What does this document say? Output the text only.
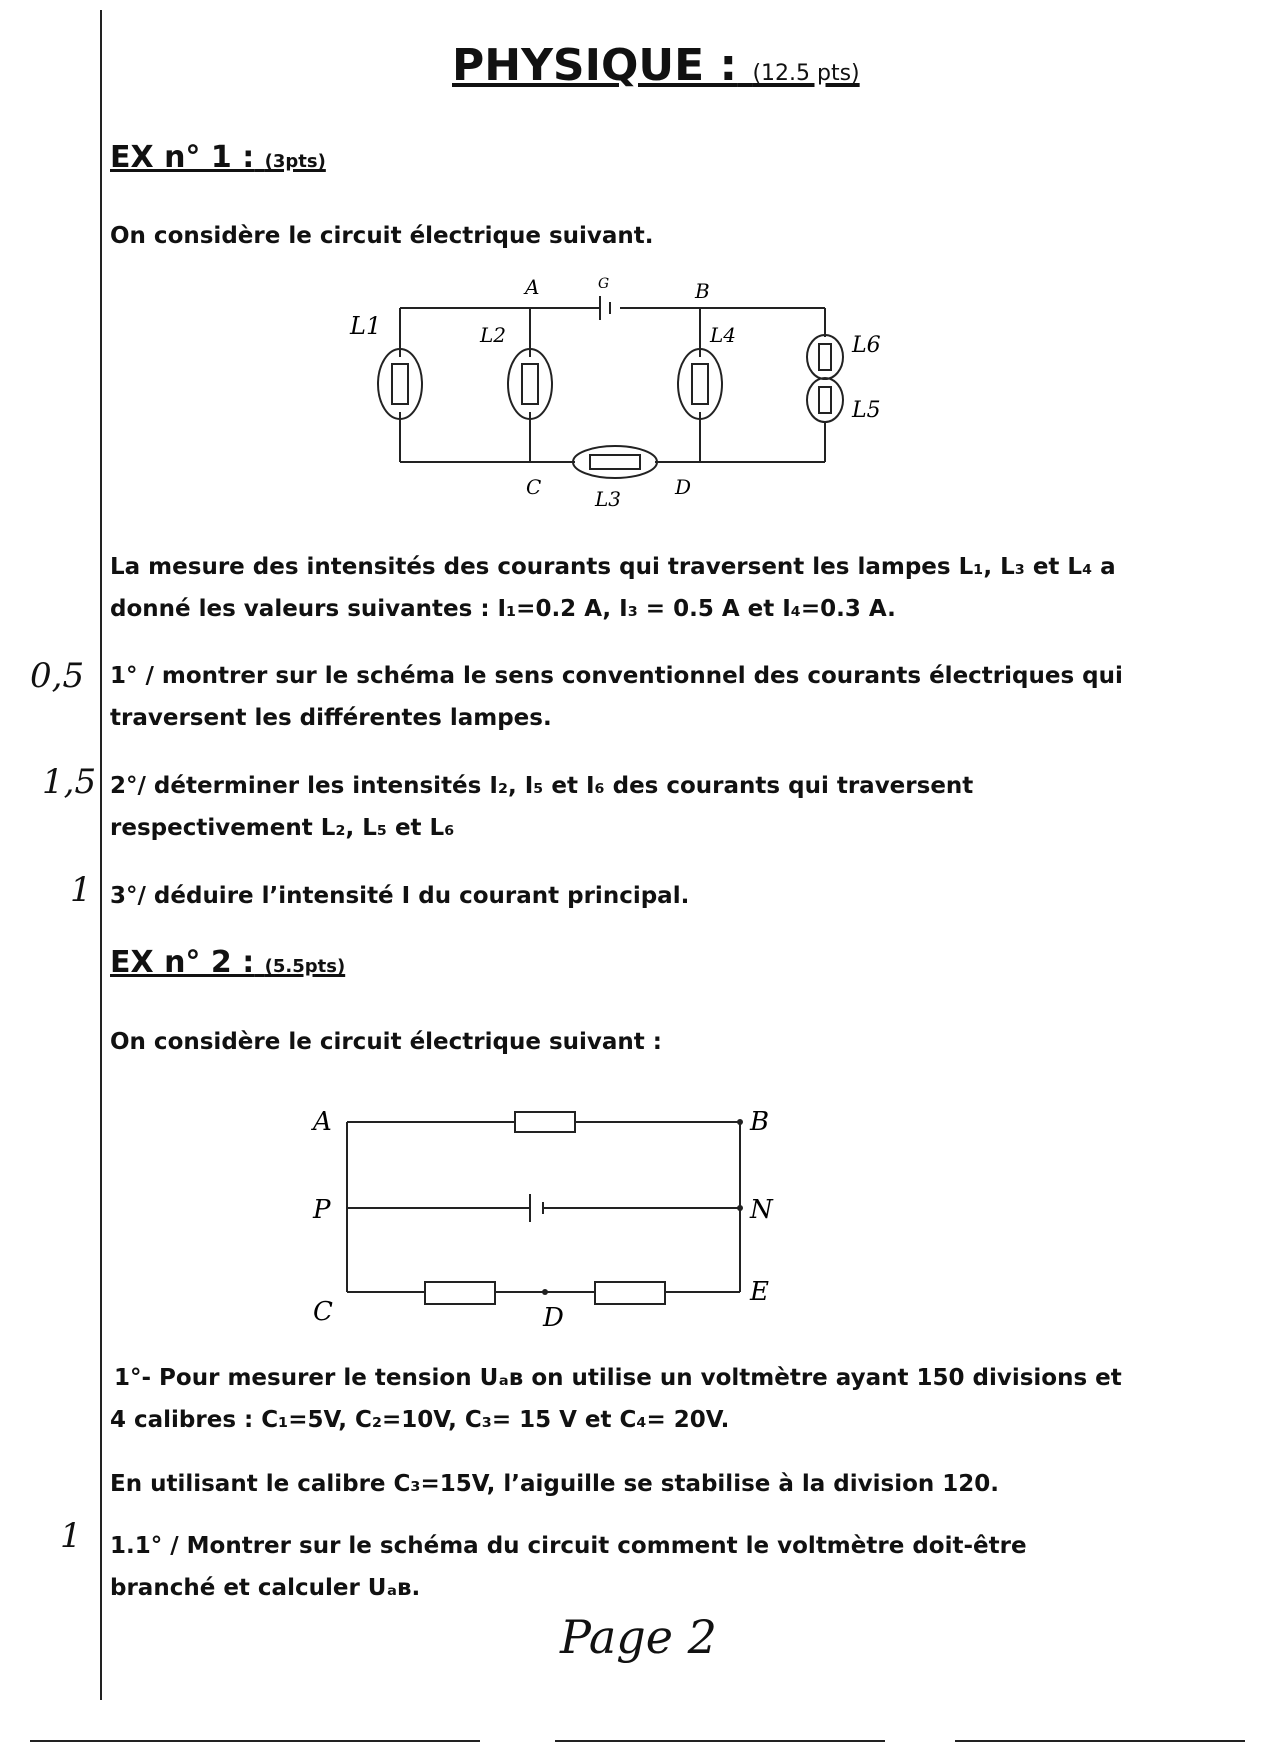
PHYSIQUE : (12.5 pts)
EX n° 1 : (3pts)
On considère le circuit électrique suivant.
A	G	B
C	D
L1	L2
L3
L4
L5
L6
La mesure des intensités des courants qui traversent les lampes L₁, L₃ et L₄ a
donné les valeurs suivantes : I₁=0.2 A, I₃ = 0.5 A et I₄=0.3 A.
0,5 1° / montrer sur le schéma le sens conventionnel des courants électriques qui
traversent les différentes lampes.
1,5 2°/ déterminer les intensités I₂, I₅ et I₆ des courants qui traversent
respectivement L₂, L₅ et L₆
1 3°/ déduire l’intensité I du courant principal.
EX n° 2 : (5.5pts)
On considère le circuit électrique suivant :
A	B
P	N
C	D
E
1°- Pour mesurer le tension Uₐʙ on utilise un voltmètre ayant 150 divisions et
4 calibres : C₁=5V, C₂=10V, C₃= 15 V et C₄= 20V.
En utilisant le calibre C₃=15V, l’aiguille se stabilise à la division 120.
1 1.1° / Montrer sur le schéma du circuit comment le voltmètre doit-être
branché et calculer Uₐʙ.
Page 2
